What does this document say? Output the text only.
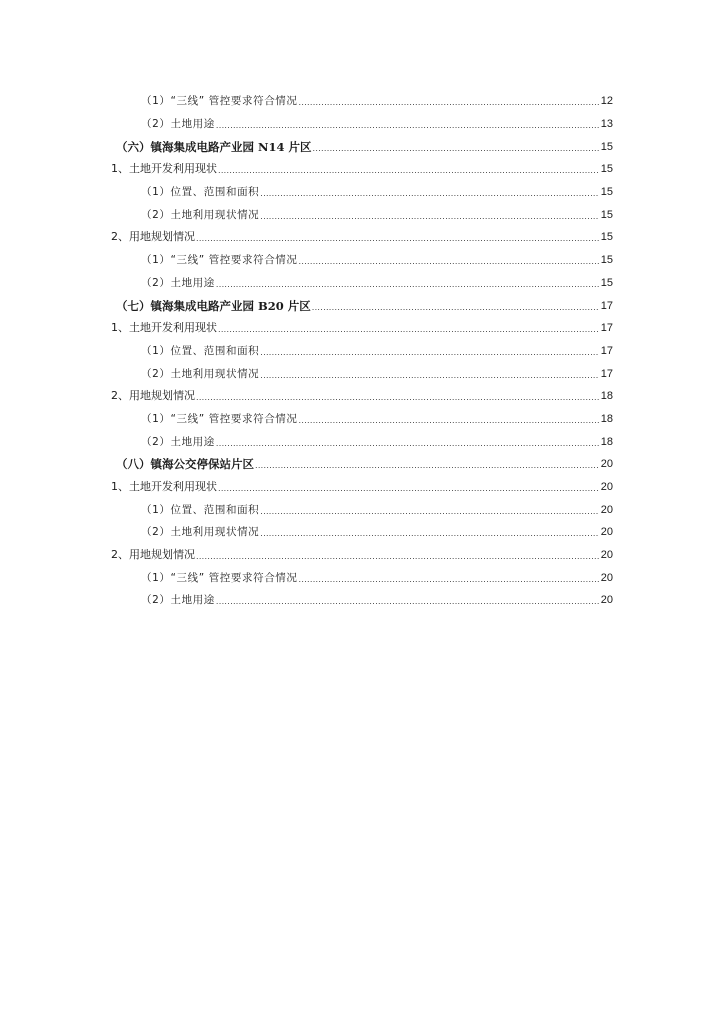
（1）“三线” 管控要求符合情况 .....	12
（2）土地用途 .....	13
（六）镇海集成电路产业园 N14 片区 .....	15
1、土地开发利用现状 .....	15
（1）位置、范围和面积 .....	15
（2）土地利用现状情况 .....	15
2、用地规划情况 .....	15
（1）“三线” 管控要求符合情况 .....	15
（2）土地用途 .....	15
（七）镇海集成电路产业园 B20 片区 .....	17
1、土地开发利用现状 .....	17
（1）位置、范围和面积 .....	17
（2）土地利用现状情况 .....	17
2、用地规划情况 .....	18
（1）“三线” 管控要求符合情况 .....	18
（2）土地用途 .....	18
（八）镇海公交停保站片区 .....	20
1、土地开发利用现状 .....	20
（1）位置、范围和面积 .....	20
（2）土地利用现状情况 .....	20
2、用地规划情况 .....	20
（1）“三线” 管控要求符合情况 .....	20
（2）土地用途 .....	20
